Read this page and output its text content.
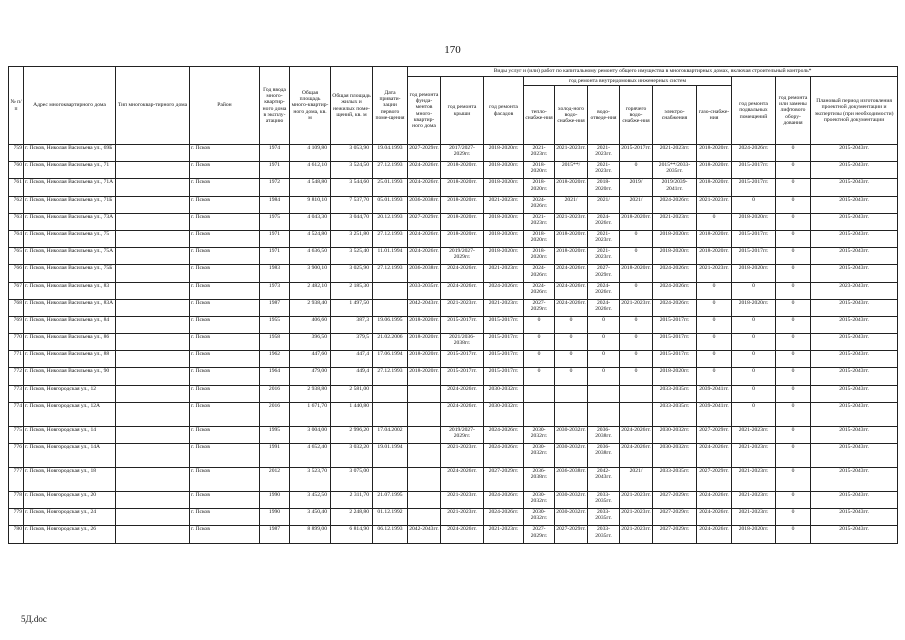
170
№ п/п	Адрес многоквартирного дома	Тип многоквар-тирного дома	Район	Год ввода много-квартир-ного дома в эксплу-атацию	Общая площадь много-квартир-ного дома, кв. м	Общая площадь жилых и нежилых поме-щений, кв. м	Дата привати-зации первого поме-щения	Виды услуг и (или) работ по капитальному ремонту общего имущества в многоквартирных домах, включая строительный контроль*											
								год ремонта фунда-ментов много-квартир-ного дома	год ремонта крыши	год ремонта фасадов	год ремонта внутридомовых инженерных систем						год ремонта подвальных помещений	год ремонта или замены лифтового обору-дования	Плановый период изготовления проектной документации и экспертизы (при необходимости) проектной документации
											тепло-снабже-ния	холод-ного водо-снабже-ния	водо-отведе-ния	горячего водо-снабже-ния	электро-снабжения	газо-снабже-ния			
759	г. Псков, Николая Васильева ул., 69Б		г. Псков	1974	4 109,80	3 053,90	19.04.1993	2027-2029гг.	2017/2027-2029гг.	2018-2020гг.	2021-2023гг.	2021-2023гг.	2021-2023гг.	2015-2017гг.	2021-2023гг.	2018-2020гг.	2024-2026гг.	0	2015-2043гг.
760	г. Псков, Николая Васильева ул., 71		г. Псков	1971	4 612,10	3 524,50	27.12.1993	2024-2026гг.	2018-2020гг.	2018-2020гг.	2018-2020гг.	2015**/	2021-2023гг.	0	2015**/2033-2035гг.	2018-2020гг.	2015-2017гг.	0	2015-2043гг.
761	г. Псков, Николая Васильева ул., 71А		г. Псков	1972	4 548,80	3 544,60	25.01.1993	2024-2026гг.	2018-2020гг.	2018-2020гг.	2018-2020гг.	2018-2020гг.	2018-2020гг.	2019/	2019/2039-2041гг.	2018-2020гг.	2015-2017гг.	0	2015-2043гг.
762	г. Псков, Николая Васильева ул., 71Б		г. Псков	1984	9 810,10	7 537,70	05.01.1993	2036-2038гг.	2018-2020гг.	2021-2023гг.	2024-2026гг.	2021/	2021/	2021/	2024-2026гг.	2021-2023гг.	0	0	2015-2043гг.
763	г. Псков, Николая Васильева ул., 73А		г. Псков	1975	4 043,30	3 044,70	20.12.1993	2027-2029гг.	2018-2020гг.	2018-2020гг.	2021-2023гг.	2021-2023гг.	2024-2026гг.	2018-2020гг.	2021-2023гг.	0	2018-2020гг.	0	2015-2043гг.
764	г. Псков, Николая Васильева ул., 75		г. Псков	1971	4 524,80	3 251,80	27.12.1993	2024-2026гг.	2018-2020гг.	2018-2020гг.	2018-2020гг.	2018-2020гг.	2021-2023гг.	0	2018-2020гг.	2018-2020гг.	2015-2017гг.	0	2015-2043гг.
765	г. Псков, Николая Васильева ул., 75А		г. Псков	1971	4 636,50	3 525,40	11.01.1994	2024-2026гг.	2019/2027-2029гг.	2018-2020гг.	2018-2020гг.	2018-2020гг.	2021-2023гг.	0	2018-2020гг.	2018-2020гг.	2015-2017гг.	0	2015-2043гг.
766	г. Псков, Николая Васильева ул., 75Б		г. Псков	1983	3 900,10	3 025,90	27.12.1993	2036-2038гг.	2024-2026гг.	2021-2023гг.	2024-2026гг.	2024-2026гг.	2027-2029гг.	2018-2020гг.	2024-2026гг.	2021-2023гг.	2018-2020гг.	0	2015-2043гг.
767	г. Псков, Николая Васильева ул., 83		г. Псков	1973	2 482,10	2 185,30		2033-2035гг.	2024-2026гг.	2024-2026гг.	2024-2026гг.	2024-2026гг.	2024-2026гг.	0	2024-2026гг.	0	0	0	2023-2043гг.
768	г. Псков, Николая Васильева ул., 83А		г. Псков	1987	2 938,40	1 497,50		2042-2043гг.	2021-2023гг.	2021-2023гг.	2027-2029гг.	2024-2026гг.	2024-2026гг.	2021-2023гг.	2024-2026гг.	0	2018-2020гг.	0	2015-2043гг.
769	г. Псков, Николая Васильева ул., 84		г. Псков	1955	406,60	387,3	19.06.1995	2018-2020гг.	2015-2017гг.	2015-2017гг.	0	0	0	0	2015-2017гг.	0	0	0	2015-2043гг.
770	г. Псков, Николая Васильева ул., 86		г. Псков	1958	396,50	379,5	21.02.2006	2018-2020гг.	2021/2036-2038гг.	2015-2017гг.	0	0	0	0	2015-2017гг.	0	0	0	2015-2043гг.
771	г. Псков, Николая Васильева ул., 88		г. Псков	1962	447,60	447,4	17.06.1994	2018-2020гг.	2015-2017гг.	2015-2017гг.	0	0	0	0	2015-2017гг.	0	0	0	2015-2043гг.
772	г. Псков, Николая Васильева ул., 90		г. Псков	1964	479,00	449,4	27.12.1993	2018-2020гг.	2015-2017гг.	2015-2017гг.	0	0	0	0	2018-2020гг.	0	0	0	2015-2043гг.
773	г. Псков, Новгородская ул., 12		г. Псков	2016	2 938,80	2 581,00			2024-2026гг.	2030-2032гг.					2033-2035гг.	2039-2041гг.	0	0	2015-2043гг.
774	г. Псков, Новгородская ул., 12А		г. Псков	2016	1 671,70	1 440,80			2024-2026гг.	2030-2032гг.					2033-2035гг.	2039-2041гг.	0	0	2015-2043гг.
775	г. Псков, Новгородская ул., 14		г. Псков	1995	3 004,00	2 996,20	17.04.2002		2019/2027-2029гг.	2024-2026гг.	2030-2032гг.	2030-2032гг.	2036-2038гг.	2024-2026гг.	2030-2032гг.	2027-2029гг.	2021-2023гг.	0	2015-2043гг.
776	г. Псков, Новгородская ул., 14А		г. Псков	1991	4 652,40	3 032,20	19.01.1994		2021-2023гг.	2024-2026гг.	2030-2032гг.	2030-2032гг.	2036-2038гг.	2024-2026гг.	2030-2032гг.	2024-2026гг.	2021-2023гг.	0	2015-2043гг.
777	г. Псков, Новгородская ул., 18		г. Псков	2012	3 523,70	3 075,00			2024-2026гг.	2027-2029гг.	2036-2038гг.	2036-2038гг.	2042-2043гг.	2021/	2033-2035гг.	2027-2029гг.	2021-2023гг.	0	2015-2043гг.
778	г. Псков, Новгородская ул., 20		г. Псков	1990	3 452,50	2 311,70	21.07.1995		2021-2023гг.	2024-2026гг.	2030-2032гг.	2030-2032гг.	2033-2035гг.	2021-2023гг.	2027-2029гг.	2024-2026гг.	2021-2023гг.	0	2015-2043гг.
779	г. Псков, Новгородская ул., 24		г. Псков	1990	3 450,40	2 248,80	01.12.1992		2021-2023гг.	2024-2026гг.	2030-2032гг.	2030-2032гг.	2033-2035гг.	2021-2023гг.	2027-2029гг.	2024-2026гг.	2021-2023гг.	0	2015-2043гг.
780	г. Псков, Новгородская ул., 26		г. Псков	1987	8 899,00	6 814,90	06.12.1993	2042-2043гг.	2024-2026гг.	2021-2023гг.	2027-2029гг.	2027-2029гг.	2033-2035гг.	2021-2023гг.	2027-2029гг.	2024-2026гг.	2018-2020гг.	0	2015-2043гг.
5Д.doc
